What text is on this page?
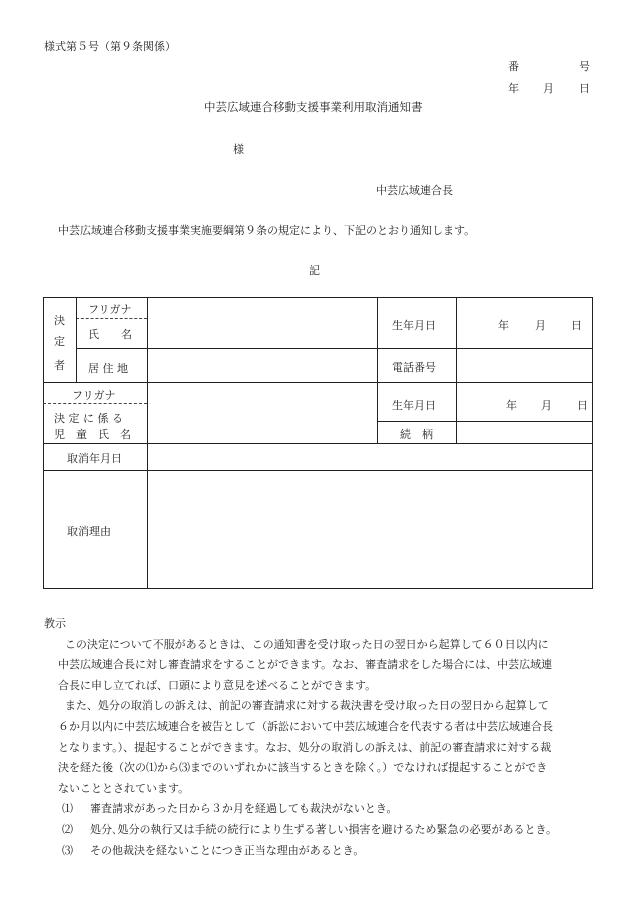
様式第５号（第９条関係）
番	号
年 月 日
中芸広域連合移動支援事業利用取消通知書
様
中芸広域連合長
中芸広域連合移動支援事業実施要綱第９条の規定により、下記のとおり通知します。
記
決
定
者
フリガナ
氏　　名
居 住 地
生年月日
電話番号
年 月 日
フリガナ
決 定 に 係 る
児　童　氏　名
生年月日	年 月 日
続　柄
取消年月日
取消理由

教示

この決定について不服があるときは、この通知書を受け取った日の翌日から起算して６０日以内に

中芸広域連合長に対し審査請求をすることができます。なお、審査請求をした場合には、中芸広域連

合長に申し立てれば、口頭により意見を述べることができます。

また、処分の取消しの訴えは、前記の審査請求に対する裁決書を受け取った日の翌日から起算して

６か月以内に中芸広域連合を被告として（訴訟において中芸広域連合を代表する者は中芸広域連合長

となります。）、提起することができます。なお、処分の取消しの訴えは、前記の審査請求に対する裁

決を経た後（次の⑴から⑶までのいずれかに該当するときを除く。）でなければ提起することができ

ないこととされています。

⑴ 審査請求があった日から３か月を経過しても裁決がないとき。

⑵ 処分､処分の執行又は手続の続行により生ずる著しい損害を避けるため緊急の必要があるとき。

⑶ その他裁決を経ないことにつき正当な理由があるとき。
